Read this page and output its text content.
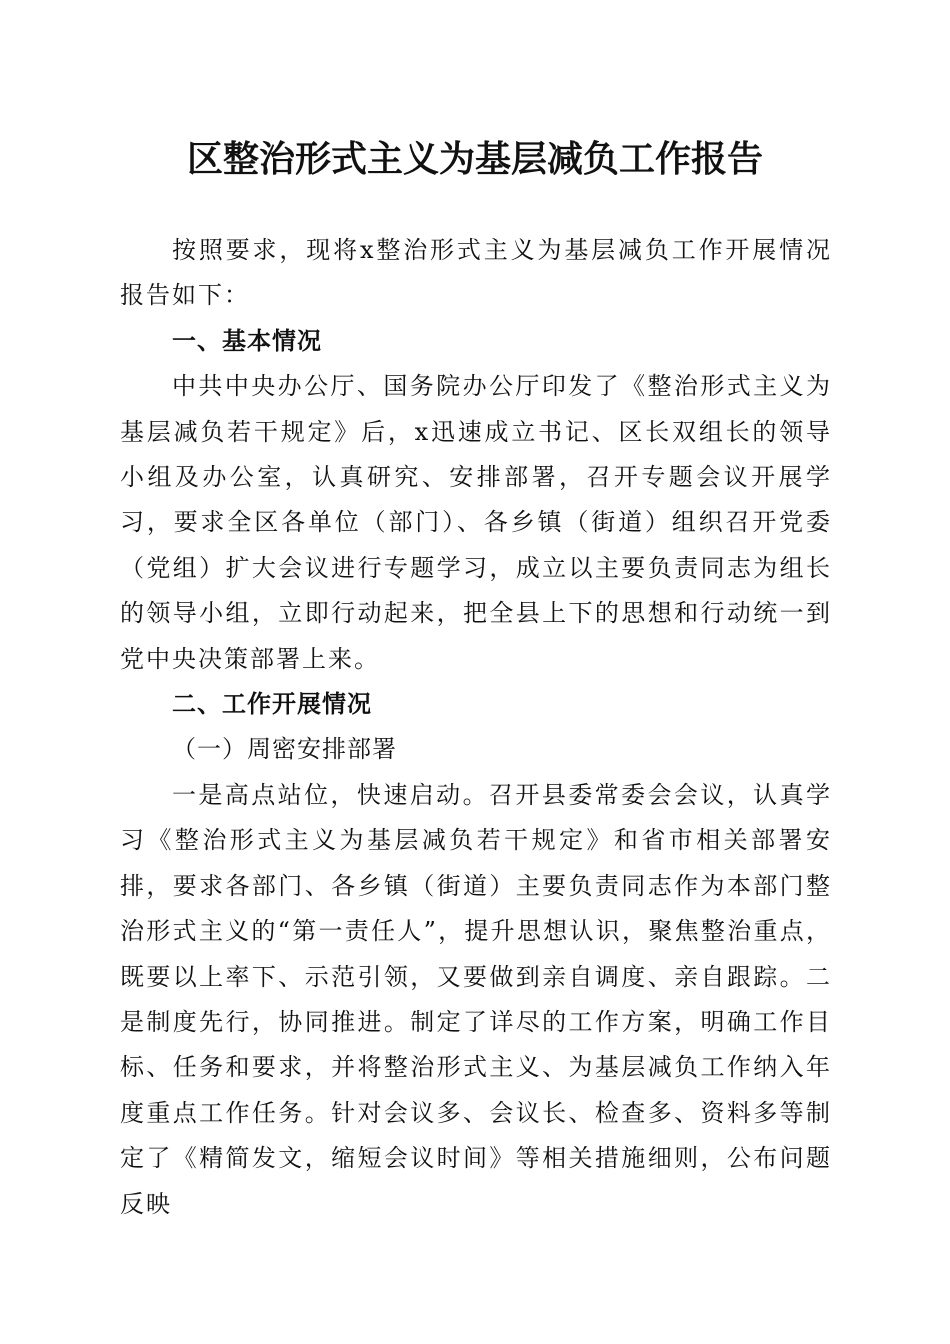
区整治形式主义为基层减负工作报告

按照要求，现将x整治形式主义为基层减负工作开展情况报告如下：

一、基本情况

中共中央办公厅、国务院办公厅印发了《整治形式主义为基层减负若干规定》后，x迅速成立书记、区长双组长的领导小组及办公室，认真研究、安排部署，召开专题会议开展学习，要求全区各单位（部门）、各乡镇（街道）组织召开党委（党组）扩大会议进行专题学习，成立以主要负责同志为组长的领导小组，立即行动起来，把全县上下的思想和行动统一到党中央决策部署上来。

二、工作开展情况

（一）周密安排部署

一是高点站位，快速启动。召开县委常委会会议，认真学习《整治形式主义为基层减负若干规定》和省市相关部署安排，要求各部门、各乡镇（街道）主要负责同志作为本部门整治形式主义的“第一责任人”，提升思想认识，聚焦整治重点，既要以上率下、示范引领，又要做到亲自调度、亲自跟踪。二是制度先行，协同推进。制定了详尽的工作方案，明确工作目标、任务和要求，并将整治形式主义、为基层减负工作纳入年度重点工作任务。针对会议多、会议长、检查多、资料多等制定了《精简发文，缩短会议时间》等相关措施细则，公布问题反映
